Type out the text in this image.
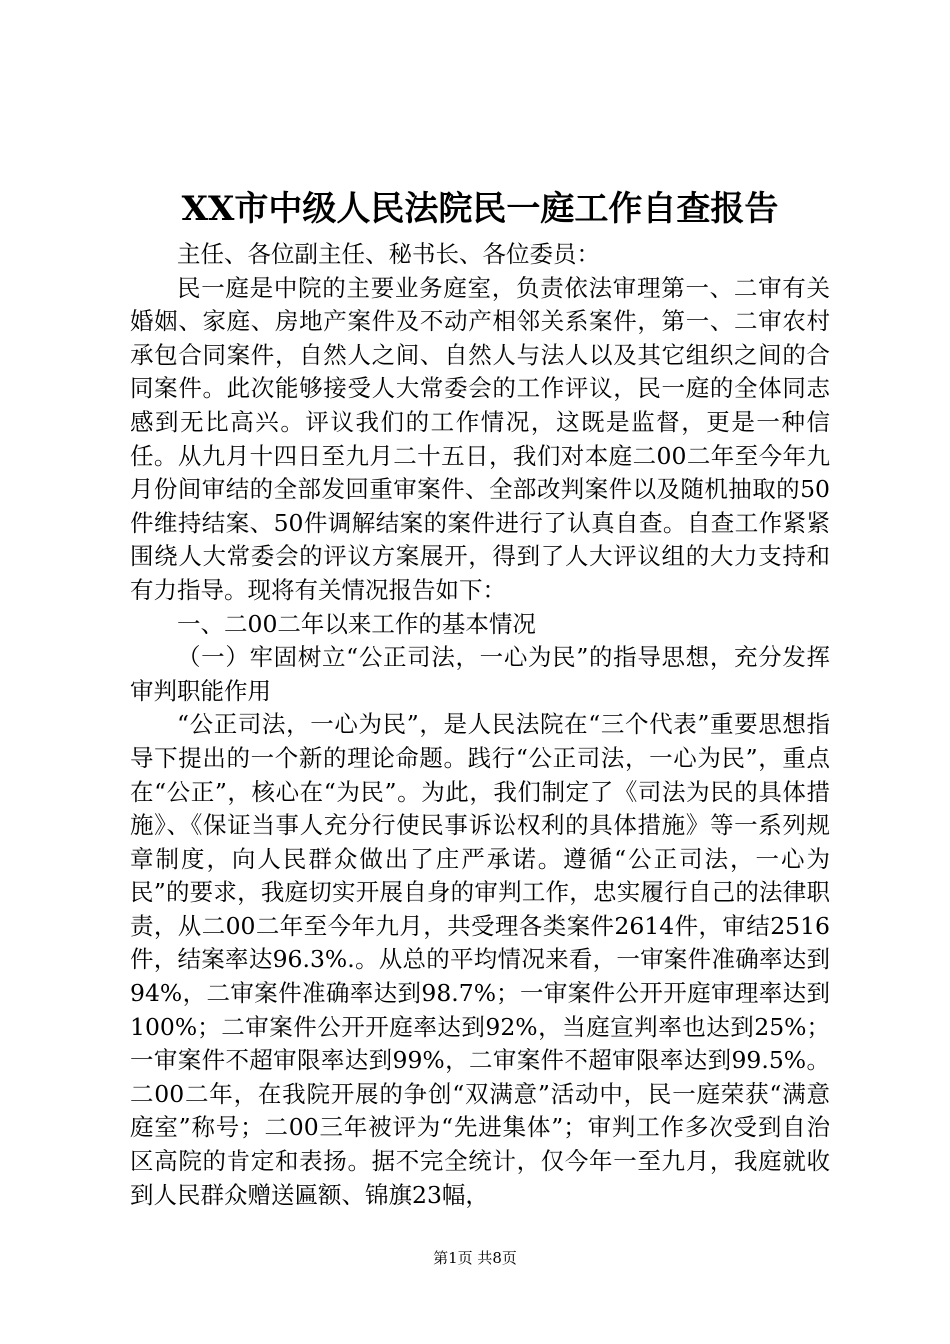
XX市中级人民法院民一庭工作自查报告

主任、各位副主任、秘书长、各位委员：

民一庭是中院的主要业务庭室，负责依法审理第一、二审有关婚姻、家庭、房地产案件及不动产相邻关系案件，第一、二审农村承包合同案件，自然人之间、自然人与法人以及其它组织之间的合同案件。此次能够接受人大常委会的工作评议，民一庭的全体同志感到无比高兴。评议我们的工作情况，这既是监督，更是一种信任。从九月十四日至九月二十五日，我们对本庭二00二年至今年九月份间审结的全部发回重审案件、全部改判案件以及随机抽取的50件维持结案、50件调解结案的案件进行了认真自查。自查工作紧紧围绕人大常委会的评议方案展开，得到了人大评议组的大力支持和有力指导。现将有关情况报告如下：

一、二00二年以来工作的基本情况

（一）牢固树立“公正司法，一心为民”的指导思想，充分发挥审判职能作用

“公正司法，一心为民”，是人民法院在“三个代表”重要思想指导下提出的一个新的理论命题。践行“公正司法，一心为民”，重点在“公正”，核心在“为民”。为此，我们制定了《司法为民的具体措施》、《保证当事人充分行使民事诉讼权利的具体措施》等一系列规章制度，向人民群众做出了庄严承诺。遵循“公正司法，一心为民”的要求，我庭切实开展自身的审判工作，忠实履行自己的法律职责，从二00二年至今年九月，共受理各类案件2614件，审结2516件，结案率达96.3%.。从总的平均情况来看，一审案件准确率达到94%，二审案件准确率达到98.7%；一审案件公开开庭审理率达到100%；二审案件公开开庭率达到92%，当庭宣判率也达到25%；一审案件不超审限率达到99%，二审案件不超审限率达到99.5%。二00二年，在我院开展的争创“双满意”活动中，民一庭荣获“满意庭室”称号；二00三年被评为“先进集体”；审判工作多次受到自治区高院的肯定和表扬。据不完全统计，仅今年一至九月，我庭就收到人民群众赠送匾额、锦旗23幅，

第1页 共8页
